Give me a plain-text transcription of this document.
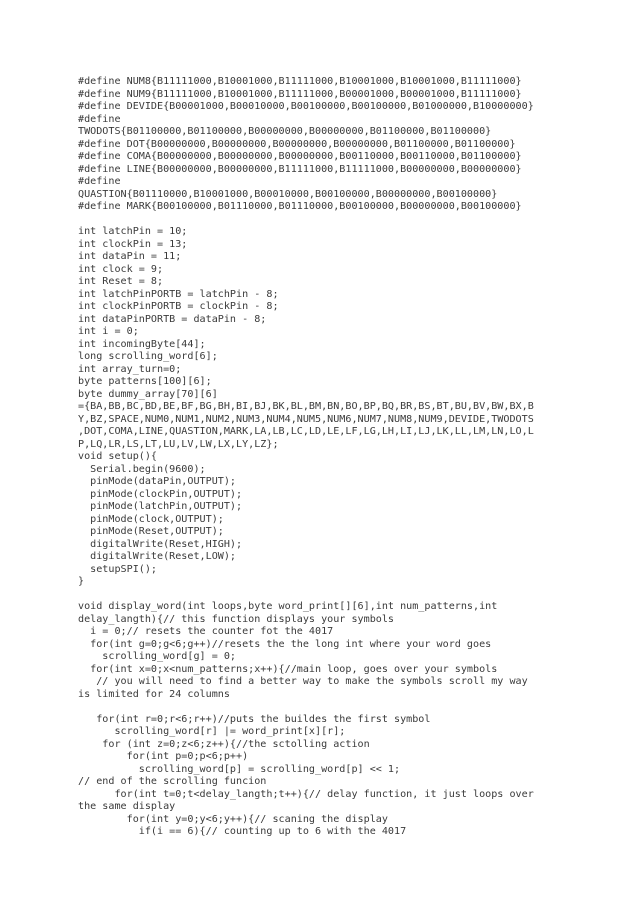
#define NUM8{B11111000,B10001000,B11111000,B10001000,B10001000,B11111000}
#define NUM9{B11111000,B10001000,B11111000,B00001000,B00001000,B11111000}
#define DEVIDE{B00001000,B00010000,B00100000,B00100000,B01000000,B10000000}
#define
TWODOTS{B01100000,B01100000,B00000000,B00000000,B01100000,B01100000}
#define DOT{B00000000,B00000000,B00000000,B00000000,B01100000,B01100000}
#define COMA{B00000000,B00000000,B00000000,B00110000,B00110000,B01100000}
#define LINE{B00000000,B00000000,B11111000,B11111000,B00000000,B00000000}
#define
QUASTION{B01110000,B10001000,B00010000,B00100000,B00000000,B00100000}
#define MARK{B00100000,B01110000,B01110000,B00100000,B00000000,B00100000}
int latchPin = 10;
int clockPin = 13;
int dataPin = 11;
int clock = 9;
int Reset = 8;
int latchPinPORTB = latchPin - 8;
int clockPinPORTB = clockPin - 8;
int dataPinPORTB = dataPin - 8;
int i = 0;
int incomingByte[44];
long scrolling_word[6];
int array_turn=0;
byte patterns[100][6];
byte dummy_array[70][6]
={BA,BB,BC,BD,BE,BF,BG,BH,BI,BJ,BK,BL,BM,BN,BO,BP,BQ,BR,BS,BT,BU,BV,BW,BX,B
Y,BZ,SPACE,NUM0,NUM1,NUM2,NUM3,NUM4,NUM5,NUM6,NUM7,NUM8,NUM9,DEVIDE,TWODOTS
,DOT,COMA,LINE,QUASTION,MARK,LA,LB,LC,LD,LE,LF,LG,LH,LI,LJ,LK,LL,LM,LN,LO,L
P,LQ,LR,LS,LT,LU,LV,LW,LX,LY,LZ};
void setup(){
Serial.begin(9600);
pinMode(dataPin,OUTPUT);
pinMode(clockPin,OUTPUT);
pinMode(latchPin,OUTPUT);
pinMode(clock,OUTPUT);
pinMode(Reset,OUTPUT);
digitalWrite(Reset,HIGH);
digitalWrite(Reset,LOW);
setupSPI();
}
void display_word(int loops,byte word_print[][6],int num_patterns,int
delay_langth){// this function displays your symbols
i = 0;// resets the counter fot the 4017
for(int g=0;g<6;g++)//resets the the long int where your word goes
scrolling_word[g] = 0;
for(int x=0;x<num_patterns;x++){//main loop, goes over your symbols
// you will need to find a better way to make the symbols scroll my way
is limited for 24 columns
for(int r=0;r<6;r++)//puts the buildes the first symbol
scrolling_word[r] |= word_print[x][r];
for (int z=0;z<6;z++){//the sctolling action
for(int p=0;p<6;p++)
scrolling_word[p] = scrolling_word[p] << 1;
// end of the scrolling funcion
for(int t=0;t<delay_langth;t++){// delay function, it just loops over
the same display
for(int y=0;y<6;y++){// scaning the display
if(i == 6){// counting up to 6 with the 4017
